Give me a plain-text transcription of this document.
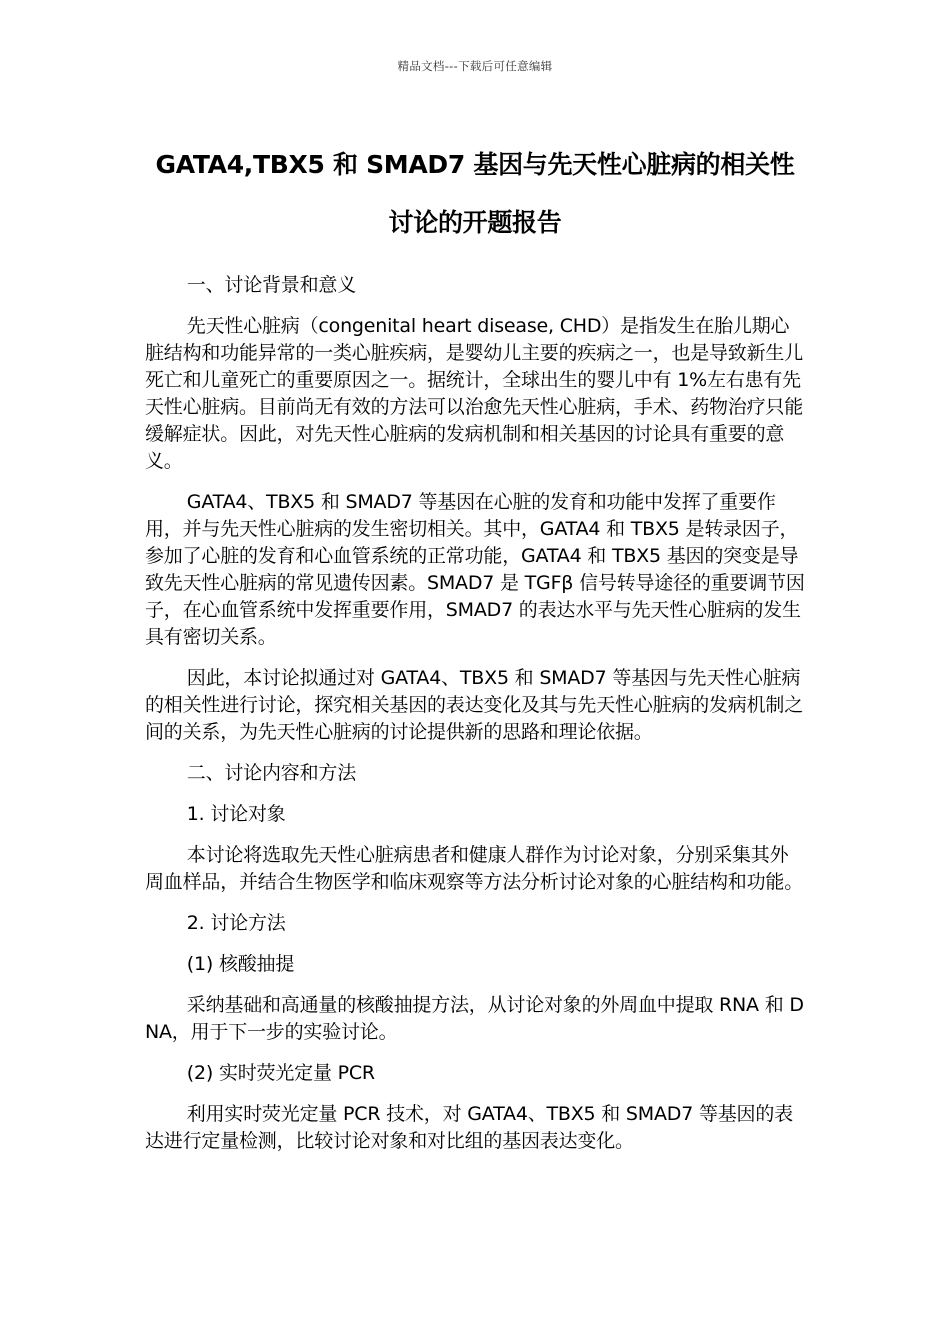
精品文档---下载后可任意编辑
GATA4,TBX5 和 SMAD7 基因与先天性心脏病的相关性讨论的开题报告

一、讨论背景和意义

先天性心脏病（congenital heart disease, CHD）是指发生在胎儿期心脏结构和功能异常的一类心脏疾病，是婴幼儿主要的疾病之一，也是导致新生儿死亡和儿童死亡的重要原因之一。据统计，全球出生的婴儿中有 1%左右患有先天性心脏病。目前尚无有效的方法可以治愈先天性心脏病，手术、药物治疗只能缓解症状。因此，对先天性心脏病的发病机制和相关基因的讨论具有重要的意义。

GATA4、TBX5 和 SMAD7 等基因在心脏的发育和功能中发挥了重要作用，并与先天性心脏病的发生密切相关。其中，GATA4 和 TBX5 是转录因子，参加了心脏的发育和心血管系统的正常功能，GATA4 和 TBX5 基因的突变是导致先天性心脏病的常见遗传因素。SMAD7 是 TGFβ 信号转导途径的重要调节因子，在心血管系统中发挥重要作用，SMAD7 的表达水平与先天性心脏病的发生具有密切关系。

因此，本讨论拟通过对 GATA4、TBX5 和 SMAD7 等基因与先天性心脏病的相关性进行讨论，探究相关基因的表达变化及其与先天性心脏病的发病机制之间的关系，为先天性心脏病的讨论提供新的思路和理论依据。

二、讨论内容和方法

1. 讨论对象

本讨论将选取先天性心脏病患者和健康人群作为讨论对象，分别采集其外周血样品，并结合生物医学和临床观察等方法分析讨论对象的心脏结构和功能。

2. 讨论方法

(1) 核酸抽提

采纳基础和高通量的核酸抽提方法，从讨论对象的外周血中提取 RNA 和 DNA，用于下一步的实验讨论。

(2) 实时荧光定量 PCR

利用实时荧光定量 PCR 技术，对 GATA4、TBX5 和 SMAD7 等基因的表达进行定量检测，比较讨论对象和对比组的基因表达变化。
